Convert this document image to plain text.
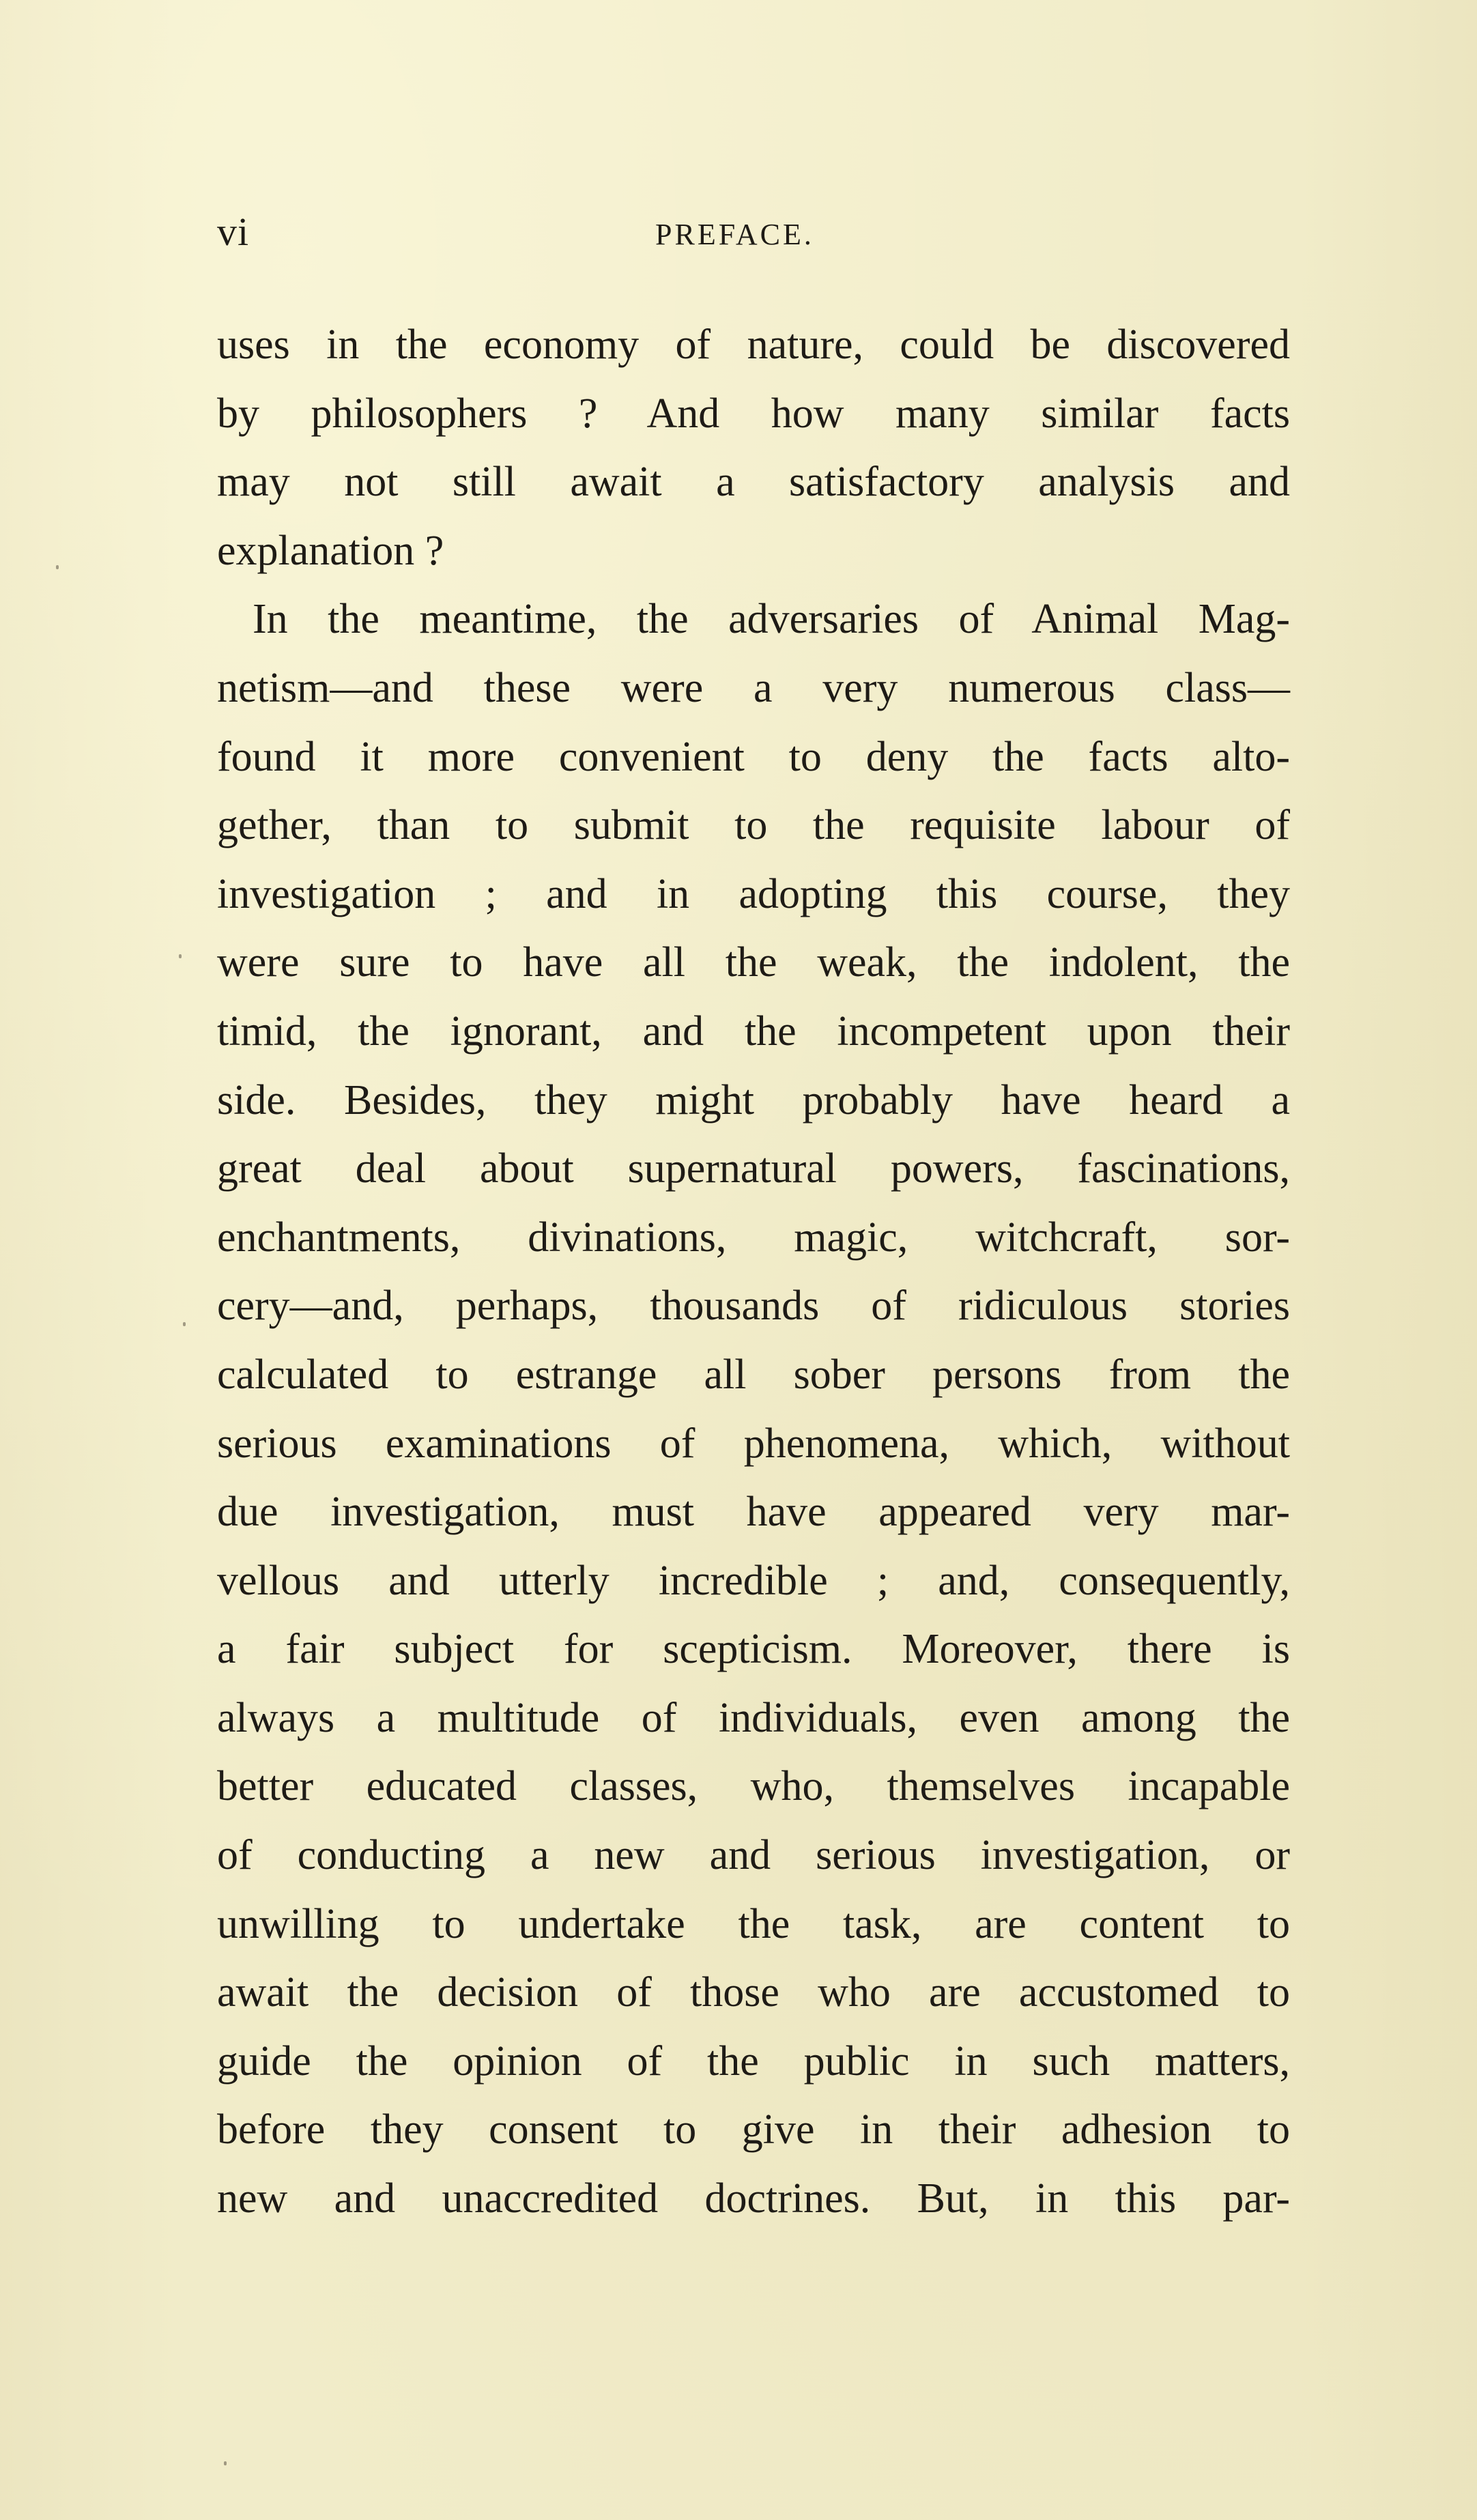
vi	PREFACE.
uses in the economy of nature, could be discovered
by philosophers ? And how many similar facts
may not still await a satisfactory analysis and
explanation ?
In the meantime, the adversaries of Animal Mag-
netism—and these were a very numerous class—
found it more convenient to deny the facts alto-
gether, than to submit to the requisite labour of
investigation ; and in adopting this course, they
were sure to have all the weak, the indolent, the
timid, the ignorant, and the incompetent upon their
side. Besides, they might probably have heard a
great deal about supernatural powers, fascinations,
enchantments, divinations, magic, witchcraft, sor-
cery—and, perhaps, thousands of ridiculous stories
calculated to estrange all sober persons from the
serious examinations of phenomena, which, without
due investigation, must have appeared very mar-
vellous and utterly incredible ; and, consequently,
a fair subject for scepticism. Moreover, there is
always a multitude of individuals, even among the
better educated classes, who, themselves incapable
of conducting a new and serious investigation, or
unwilling to undertake the task, are content to
await the decision of those who are accustomed to
guide the opinion of the public in such matters,
before they consent to give in their adhesion to
new and unaccredited doctrines. But, in this par-
